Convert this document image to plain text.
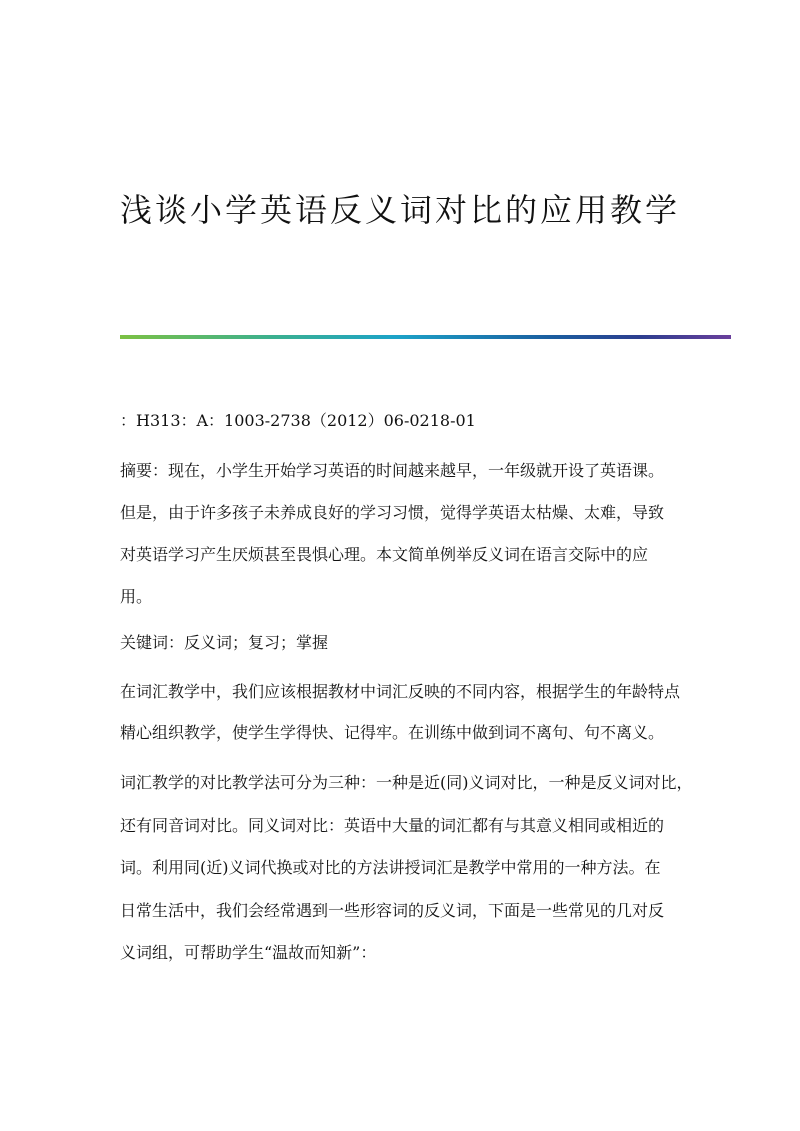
浅谈小学英语反义词对比的应用教学

：H313：A：1003-2738（2012）06-0218-01

摘要：现在，小学生开始学习英语的时间越来越早，一年级就开设了英语课。

但是，由于许多孩子未养成良好的学习习惯，觉得学英语太枯燥、太难，导致

对英语学习产生厌烦甚至畏惧心理。本文简单例举反义词在语言交际中的应

用。

关键词：反义词；复习；掌握

在词汇教学中，我们应该根据教材中词汇反映的不同内容，根据学生的年龄特点

精心组织教学，使学生学得快、记得牢。在训练中做到词不离句、句不离义。

词汇教学的对比教学法可分为三种：一种是近(同)义词对比，一种是反义词对比，

还有同音词对比。同义词对比：英语中大量的词汇都有与其意义相同或相近的

词。利用同(近)义词代换或对比的方法讲授词汇是教学中常用的一种方法。在

日常生活中，我们会经常遇到一些形容词的反义词，下面是一些常见的几对反

义词组，可帮助学生“温故而知新”：
